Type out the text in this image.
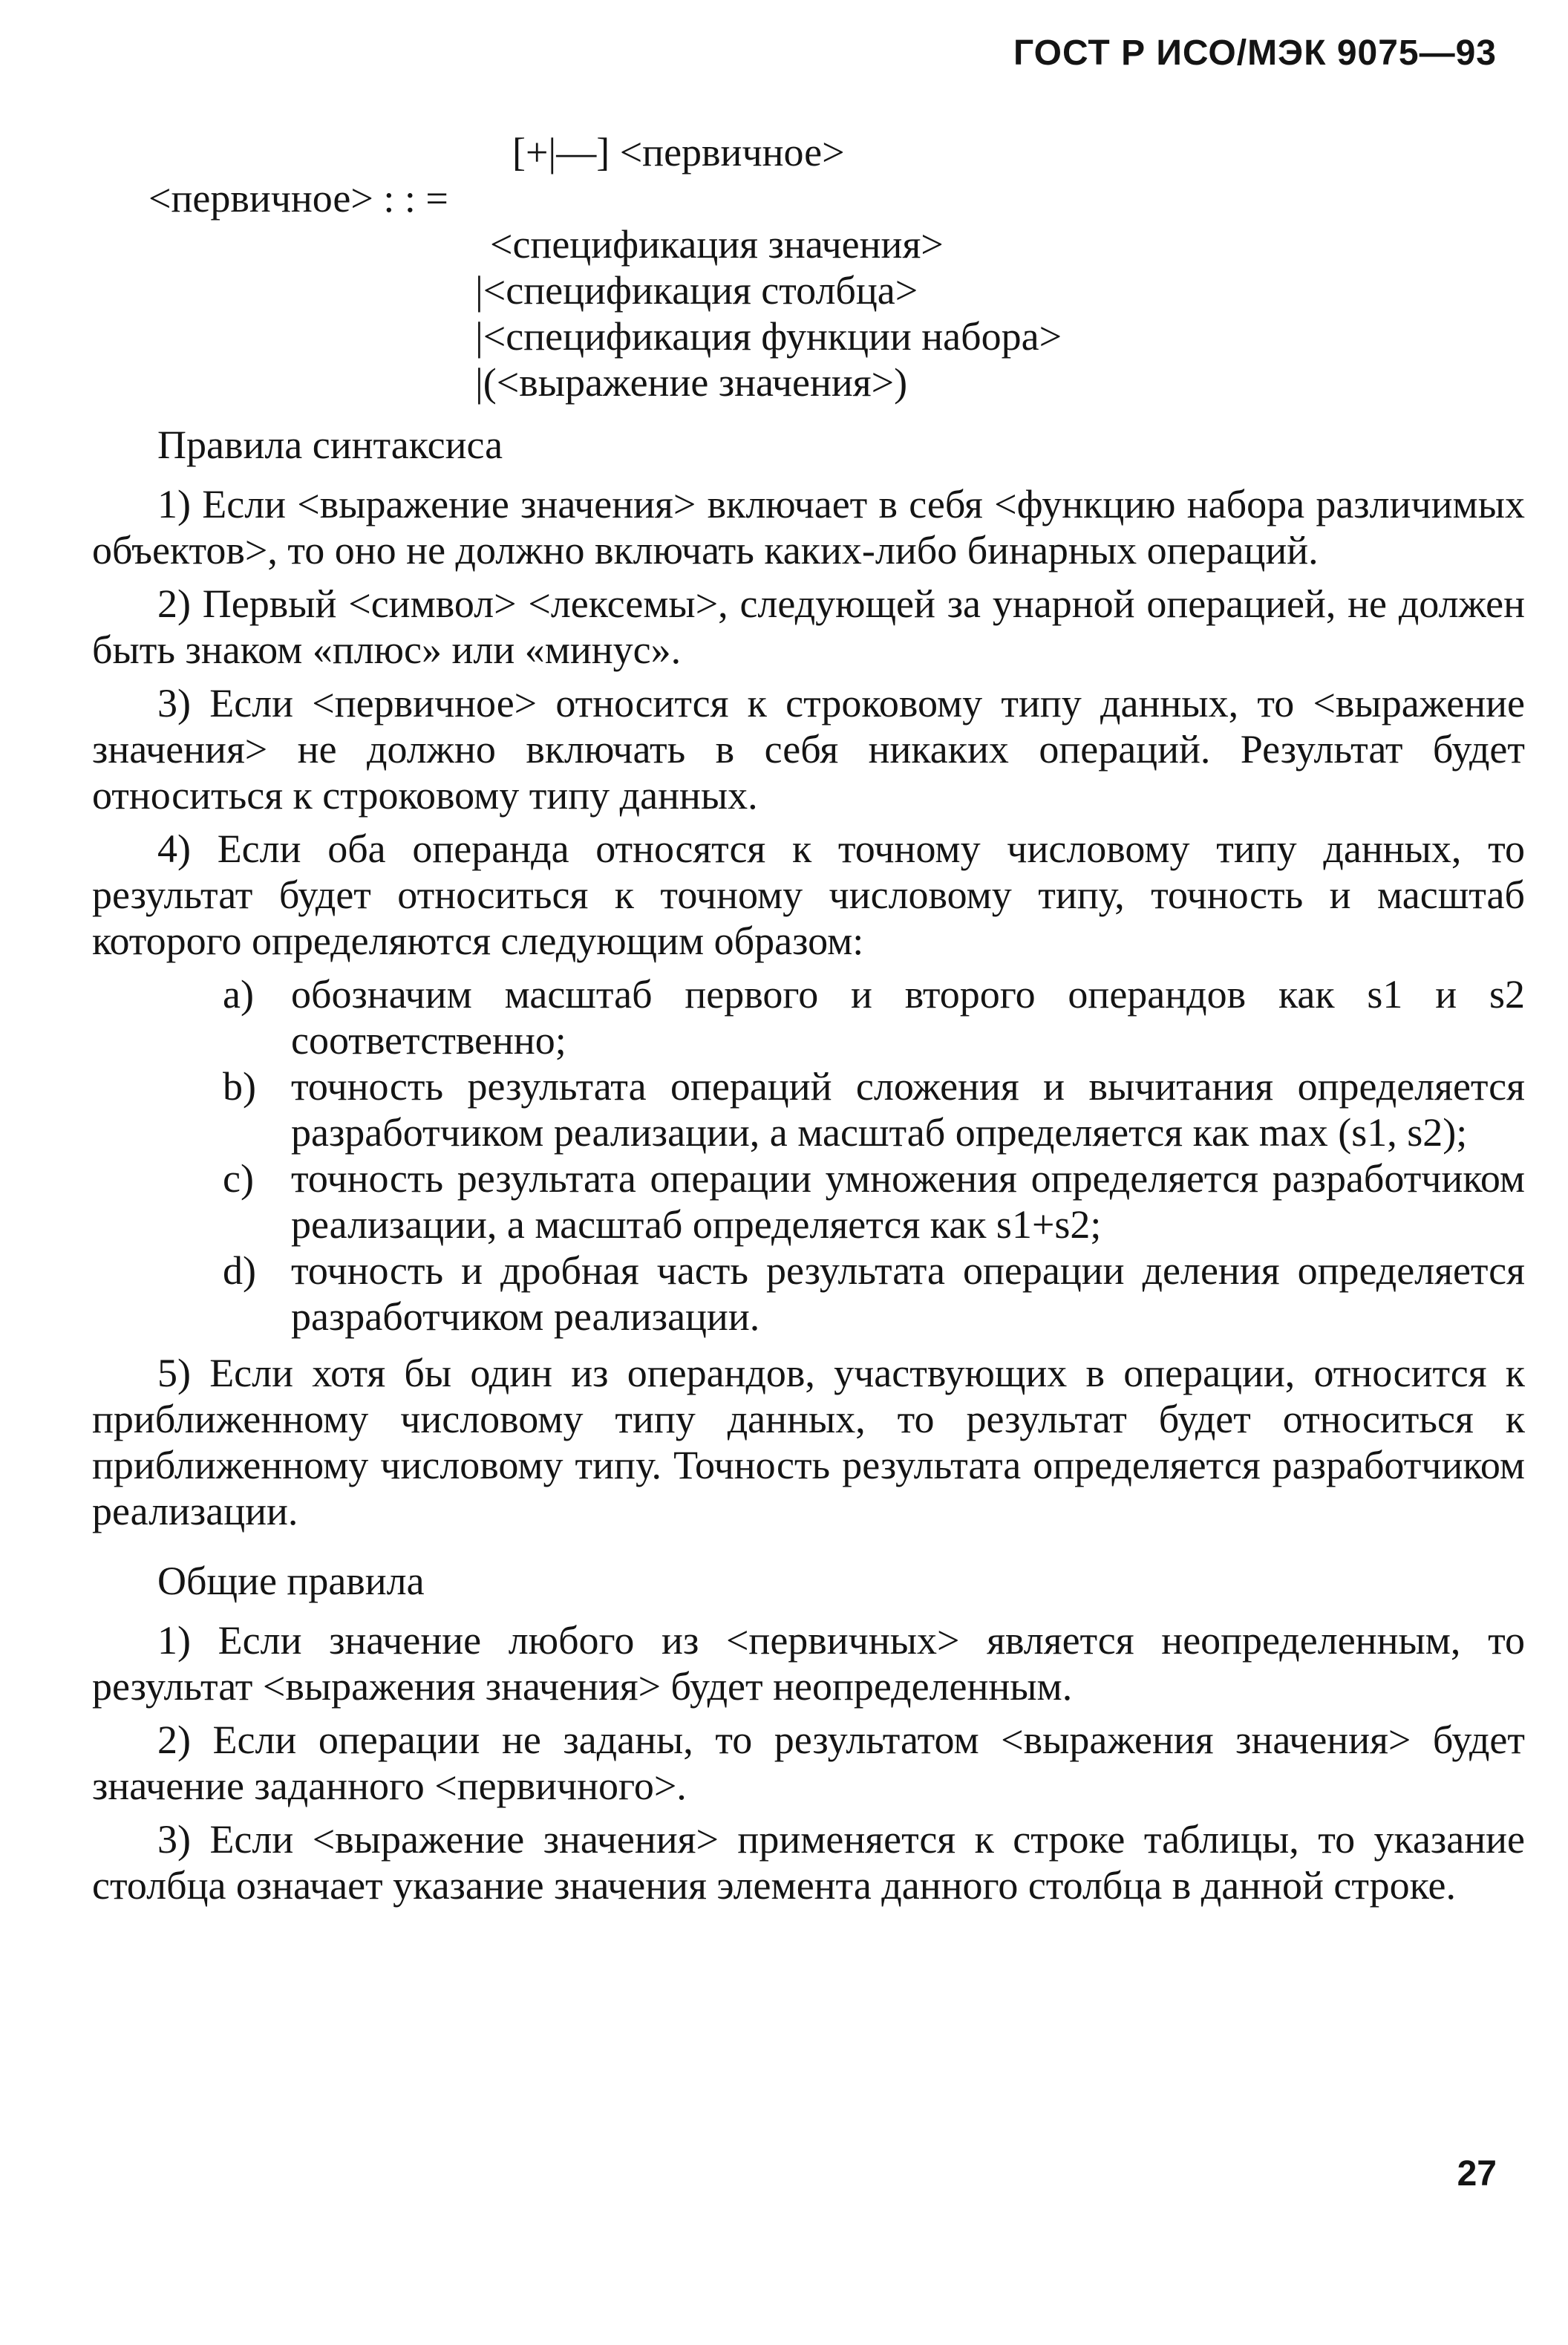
ГОСТ Р ИСО/МЭК 9075—93
[+|—] <первичное>
<первичное> : : =
<спецификация значения>
|<спецификация столбца>
|<спецификация функции набора>
|(<выражение значения>)
Правила синтаксиса

1) Если <выражение значения> включает в себя <функцию набора различимых объектов>, то оно не должно включать каких-либо бинарных операций.

2) Первый <символ> <лексемы>, следующей за унарной операцией, не должен быть знаком «плюс» или «минус».

3) Если <первичное> относится к строковому типу данных, то <выражение значения> не должно включать в себя никаких операций. Результат будет относиться к строковому типу данных.

4) Если оба операнда относятся к точному числовому типу данных, то результат будет относиться к точному числовому типу, точность и масштаб которого определяются следующим образом:

a) обозначим масштаб первого и второго операндов как s1 и s2 соответственно;
b) точность результата операций сложения и вычитания определяется разработчиком реализации, а масштаб определяется как max (s1, s2);
c) точность результата операции умножения определяется разработчиком реализации, а масштаб определяется как s1+s2;
d) точность и дробная часть результата операции деления определяется разработчиком реализации.

5) Если хотя бы один из операндов, участвующих в операции, относится к приближенному числовому типу данных, то результат будет относиться к приближенному числовому типу. Точность результата определяется разработчиком реализации.

Общие правила

1) Если значение любого из <первичных> является неопределенным, то результат <выражения значения> будет неопределенным.

2) Если операции не заданы, то результатом <выражения значения> будет значение заданного <первичного>.

3) Если <выражение значения> применяется к строке таблицы, то указание столбца означает указание значения элемента данного столбца в данной строке.

27
